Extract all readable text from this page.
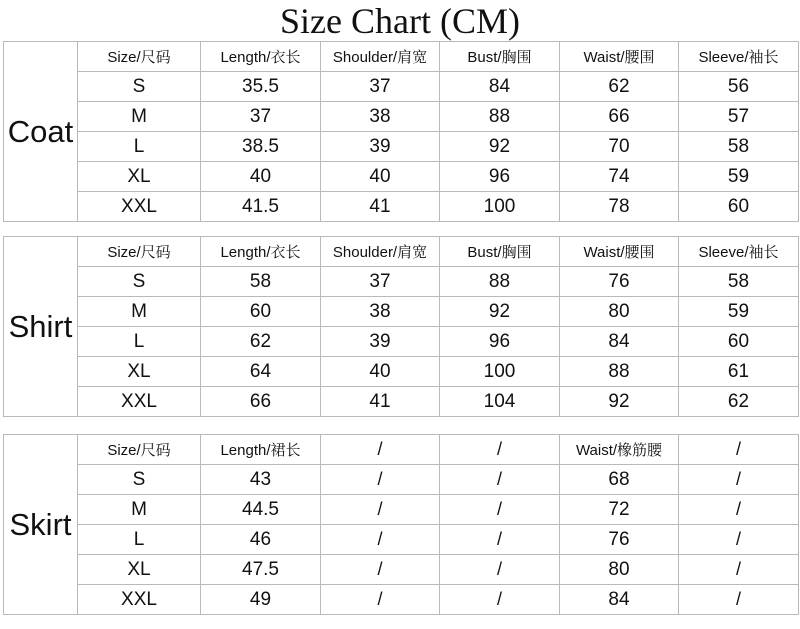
Size Chart (CM)
Coat	Size/尺码	Length/衣长	Shoulder/肩宽	Bust/胸围	Waist/腰围	Sleeve/袖长
	S	35.5	37	84	62	56
	M	37	38	88	66	57
	L	38.5	39	92	70	58
	XL	40	40	96	74	59
	XXL	41.5	41	100	78	60
Shirt	Size/尺码	Length/衣长	Shoulder/肩宽	Bust/胸围	Waist/腰围	Sleeve/袖长
	S	58	37	88	76	58
	M	60	38	92	80	59
	L	62	39	96	84	60
	XL	64	40	100	88	61
	XXL	66	41	104	92	62
Skirt	Size/尺码	Length/裙长	/	/	Waist/橡筋腰	/
	S	43	/	/	68	/
	M	44.5	/	/	72	/
	L	46	/	/	76	/
	XL	47.5	/	/	80	/
	XXL	49	/	/	84	/
